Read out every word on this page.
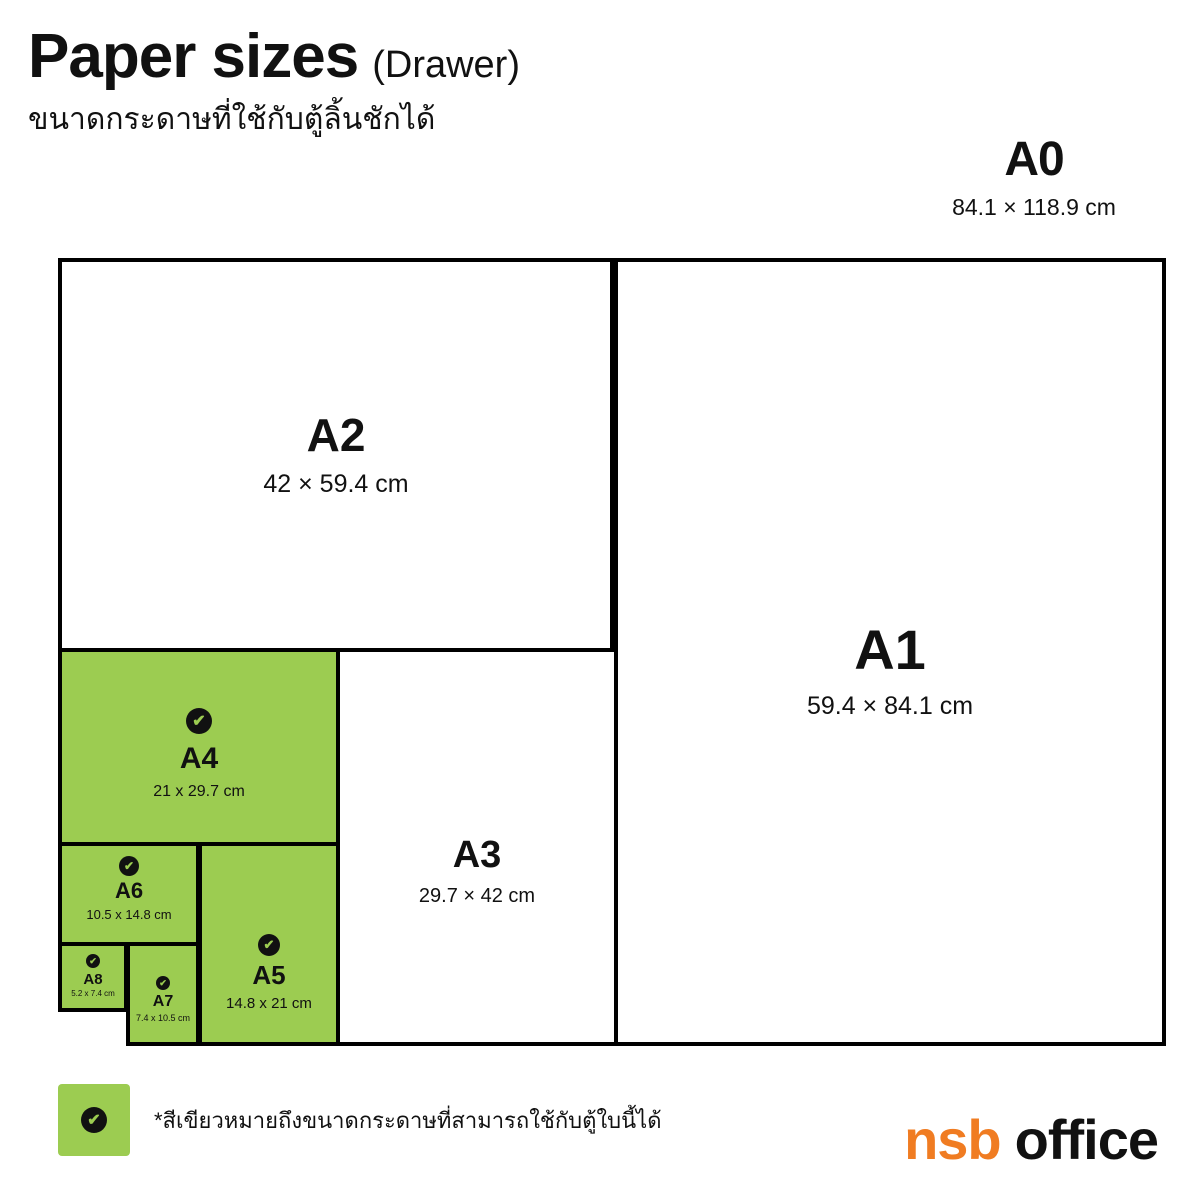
Paper sizes (Drawer)
ขนาดกระดาษที่ใช้กับตู้ลิ้นชักได้
A0
84.1 × 118.9 cm

A1
59.4 × 84.1 cm
A2
42 × 59.4 cm
A3
29.7 × 42 cm
✔
A4
21 x 29.7 cm
✔
A5
14.8 x 21 cm
✔
A6
10.5 x 14.8 cm
✔
A7
7.4 x 10.5 cm
✔
A8
5.2 x 7.4 cm
✔ *สีเขียวหมายถึงขนาดกระดาษที่สามารถใช้กับตู้ใบนี้ได้	nsb office
